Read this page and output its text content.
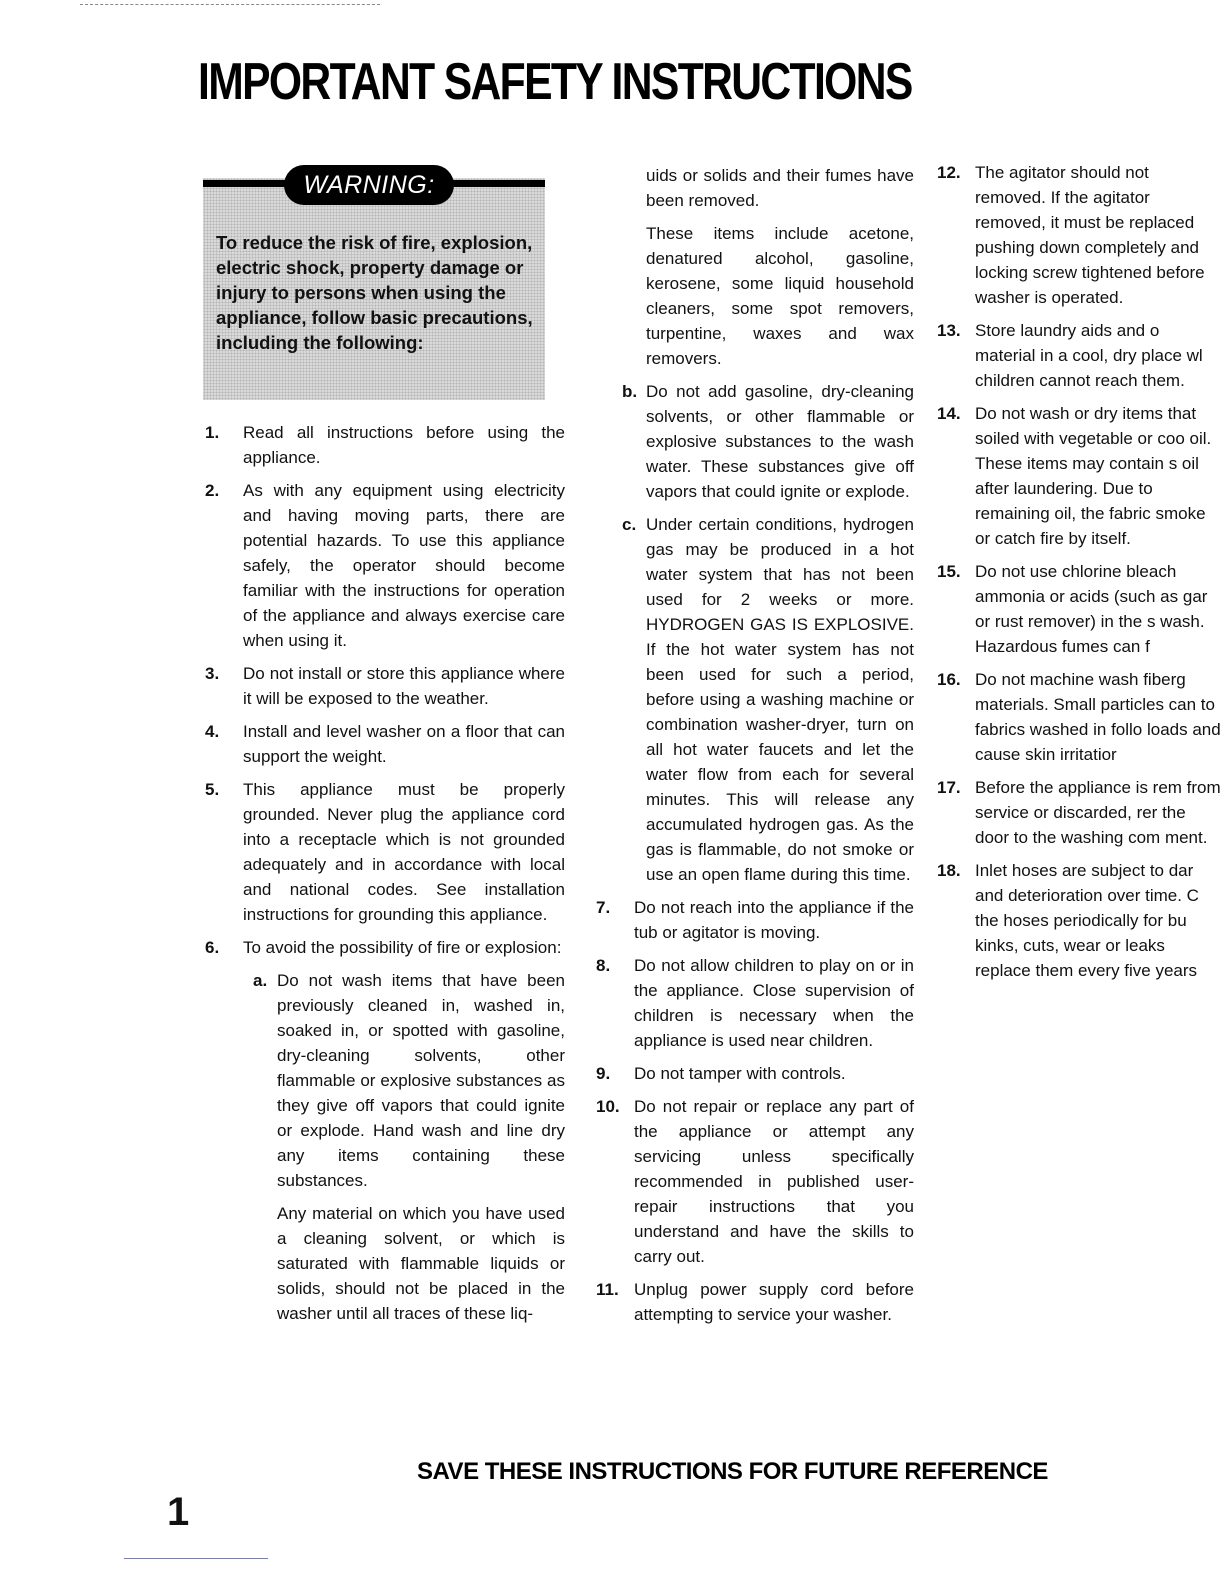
IMPORTANT SAFETY INSTRUCTIONS
WARNING:

To reduce the risk of fire, explosion, electric shock, property damage or injury to persons when using the appliance, follow basic precautions, including the following:

1.	Read all instructions before using the appliance.
2.	As with any equipment using electricity and having moving parts, there are potential hazards. To use this appliance safely, the operator should become familiar with the instructions for operation of the appliance and always exercise care when using it.
3.	Do not install or store this appliance where it will be exposed to the weather.
4.	Install and level washer on a floor that can support the weight.
5.	This appliance must be properly grounded. Never plug the appliance cord into a receptacle which is not grounded adequately and in accordance with local and national codes. See installation instructions for grounding this appliance.
6.	To avoid the possibility of fire or explosion:
a. Do not wash items that have been previously cleaned in, washed in, soaked in, or spotted with gasoline, dry-cleaning solvents, other flammable or explosive substances as they give off vapors that could ignite or explode. Hand wash and line dry any items containing these substances.

Any material on which you have used a cleaning solvent, or which is saturated with flammable liquids or solids, should not be placed in the washer until all traces of these liq-

uids or solids and their fumes have been removed.

These items include acetone, denatured alcohol, gasoline, kerosene, some liquid household cleaners, some spot removers, turpentine, waxes and wax removers.

b. Do not add gasoline, dry-cleaning solvents, or other flammable or explosive substances to the wash water. These substances give off vapors that could ignite or explode.
c. Under certain conditions, hydrogen gas may be produced in a hot water system that has not been used for 2 weeks or more. HYDROGEN GAS IS EXPLOSIVE. If the hot water system has not been used for such a period, before using a washing machine or combination washer-dryer, turn on all hot water faucets and let the water flow from each for several minutes. This will release any accumulated hydrogen gas. As the gas is flammable, do not smoke or use an open flame during this time.
7.	Do not reach into the appliance if the tub or agitator is moving.
8.	Do not allow children to play on or in the appliance. Close supervision of children is necessary when the appliance is used near children.
9.	Do not tamper with controls.
10. Do not repair or replace any part of the appliance or attempt any servicing unless specifically recommended in published user-repair instructions that you understand and have the skills to carry out.
11. Unplug power supply cord before attempting to service your washer.
12. The agitator should not removed. If the agitator removed, it must be replaced pushing down completely and locking screw tightened before washer is operated.
13. Store laundry aids and o material in a cool, dry place wl children cannot reach them.
14. Do not wash or dry items that soiled with vegetable or coo oil. These items may contain s oil after laundering. Due to remaining oil, the fabric smoke or catch fire by itself.
15. Do not use chlorine bleach ammonia or acids (such as gar or rust remover) in the s wash. Hazardous fumes can f
16. Do not machine wash fiberg materials. Small particles can to fabrics washed in follo loads and cause skin irritatior
17. Before the appliance is rem from service or discarded, rer the door to the washing com ment.
18. Inlet hoses are subject to dar and deterioration over time. C the hoses periodically for bu kinks, cuts, wear or leaks replace them every five years

SAVE THESE INSTRUCTIONS FOR FUTURE REFERENCE

1
